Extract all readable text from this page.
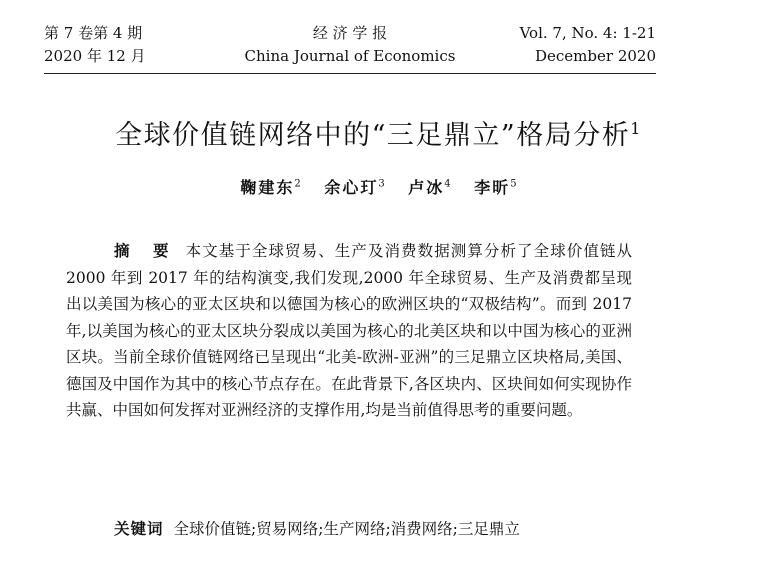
第 7 卷第 4 期
2020 年 12 月
经 济 学 报
China Journal of Economics
Vol. 7, No. 4: 1-21
December 2020
全球价值链网络中的“三足鼎立”格局分析$^1$
鞠建东$^2$ 余心玎$^3$ 卢冰$^4$ 李昕$^5$
摘 要 本文基于全球贸易、生产及消费数据测算分析了全球价值链从 2000 年到 2017 年的结构演变,我们发现,2000 年全球贸易、生产及消费都呈现出以美国为核心的亚太区块和以德国为核心的欧洲区块的“双极结构”。而到 2017 年,以美国为核心的亚太区块分裂成以美国为核心的北美区块和以中国为核心的亚洲区块。当前全球价值链网络已呈现出“北美-欧洲-亚洲”的三足鼎立区块格局,美国、德国及中国作为其中的核心节点存在。在此背景下,各区块内、区块间如何实现协作共赢、中国如何发挥对亚洲经济的支撑作用,均是当前值得思考的重要问题。
关键词 全球价值链;贸易网络;生产网络;消费网络;三足鼎立
